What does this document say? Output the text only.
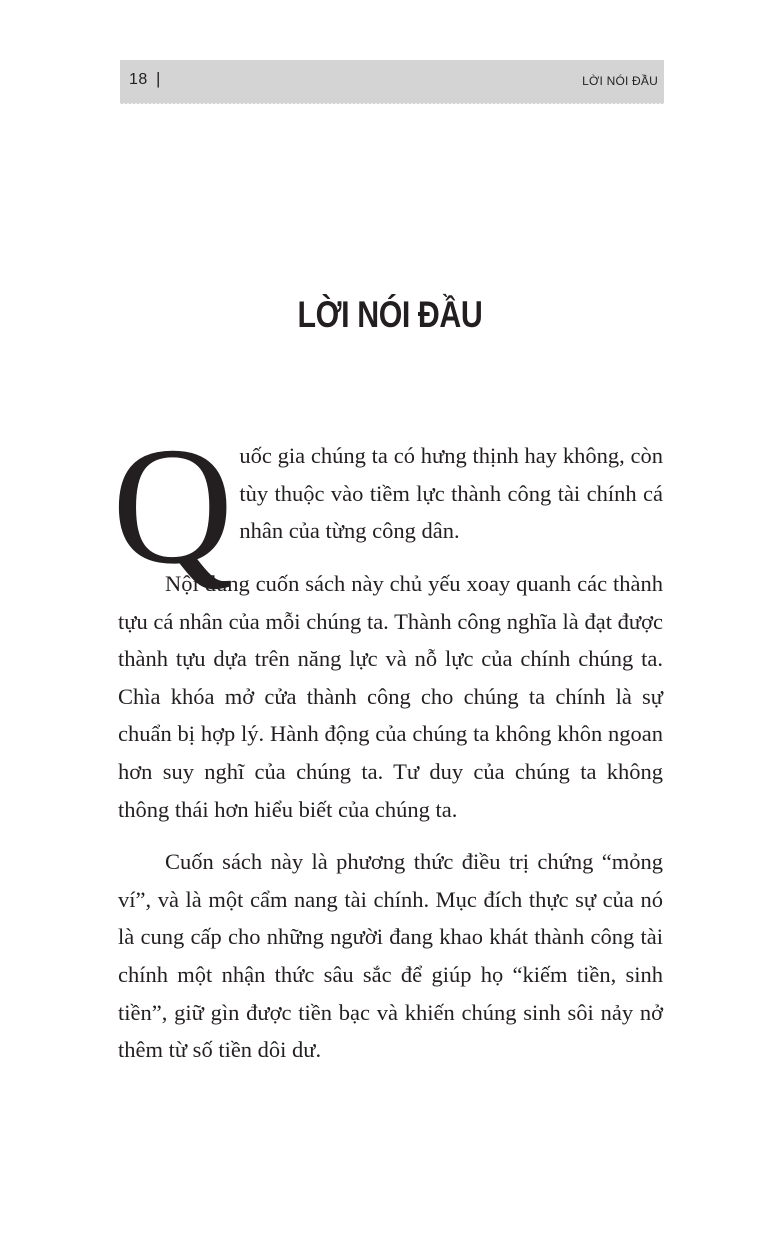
18 |	LỜI NÓI ĐẦU
LỜI NÓI ĐẦU

Quốc gia chúng ta có hưng thịnh hay không, còn tùy thuộc vào tiềm lực thành công tài chính cá nhân của từng công dân.

Nội dung cuốn sách này chủ yếu xoay quanh các thành tựu cá nhân của mỗi chúng ta. Thành công nghĩa là đạt được thành tựu dựa trên năng lực và nỗ lực của chính chúng ta. Chìa khóa mở cửa thành công cho chúng ta chính là sự chuẩn bị hợp lý. Hành động của chúng ta không khôn ngoan hơn suy nghĩ của chúng ta. Tư duy của chúng ta không thông thái hơn hiểu biết của chúng ta.

Cuốn sách này là phương thức điều trị chứng “mỏng ví”, và là một cẩm nang tài chính. Mục đích thực sự của nó là cung cấp cho những người đang khao khát thành công tài chính một nhận thức sâu sắc để giúp họ “kiếm tiền, sinh tiền”, giữ gìn được tiền bạc và khiến chúng sinh sôi nảy nở thêm từ số tiền dôi dư.
